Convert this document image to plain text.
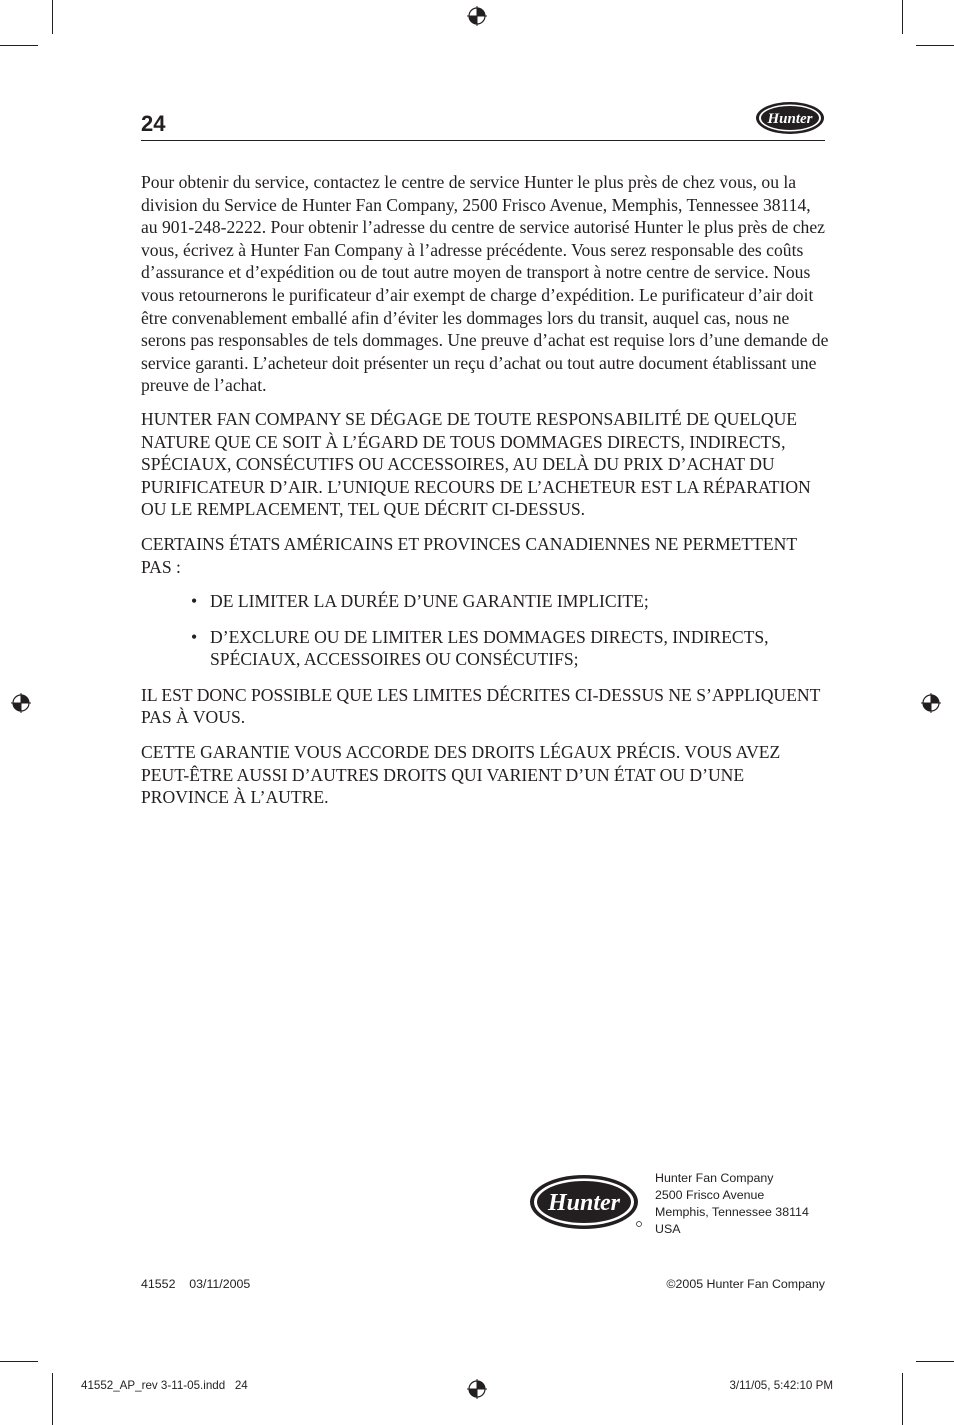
24	Hunter

Pour obtenir du service, contactez le centre de service Hunter le plus près de chez vous, ou la division du Service de Hunter Fan Company, 2500 Frisco Avenue, Memphis, Tennessee 38114, au 901-248-2222. Pour obtenir l’adresse du centre de service autorisé Hunter le plus près de chez vous, écrivez à Hunter Fan Company à l’adresse précédente. Vous serez responsable des coûts d’assurance et d’expédition ou de tout autre moyen de transport à notre centre de service. Nous vous retournerons le purificateur d’air exempt de charge d’expédition. Le purificateur d’air doit être convenablement emballé afin d’éviter les dommages lors du transit, auquel cas, nous ne serons pas responsables de tels dommages. Une preuve d’achat est requise lors d’une demande de service garanti. L’acheteur doit présenter un reçu d’achat ou tout autre document établissant une preuve de l’achat.

HUNTER FAN COMPANY SE DÉGAGE DE TOUTE RESPONSABILITÉ DE QUELQUE NATURE QUE CE SOIT À L’ÉGARD DE TOUS DOMMAGES DIRECTS, INDIRECTS, SPÉCIAUX, CONSÉCUTIFS OU ACCESSOIRES, AU DELÀ DU PRIX D’ACHAT DU PURIFICATEUR D’AIR. L’UNIQUE RECOURS DE L’ACHETEUR EST LA RÉPARATION OU LE REMPLACEMENT, TEL QUE DÉCRIT CI-DESSUS.

CERTAINS ÉTATS AMÉRICAINS ET PROVINCES CANADIENNES NE PERMETTENT PAS :

• DE LIMITER LA DURÉE D’UNE GARANTIE IMPLICITE;
• D’EXCLURE OU DE LIMITER LES DOMMAGES DIRECTS, INDIRECTS, SPÉCIAUX, ACCESSOIRES OU CONSÉCUTIFS;

IL EST DONC POSSIBLE QUE LES LIMITES DÉCRITES CI-DESSUS NE S’APPLIQUENT PAS À VOUS.

CETTE GARANTIE VOUS ACCORDE DES DROITS LÉGAUX PRÉCIS. VOUS AVEZ PEUT-ÊTRE AUSSI D’AUTRES DROITS QUI VARIENT D’UN ÉTAT OU D’UNE PROVINCE À L’AUTRE.

Hunter
Hunter Fan Company
2500 Frisco Avenue
Memphis, Tennessee 38114
USA
41552    03/11/2005	©2005 Hunter Fan Company
41552_AP_rev 3-11-05.indd   24	3/11/05, 5:42:10 PM
